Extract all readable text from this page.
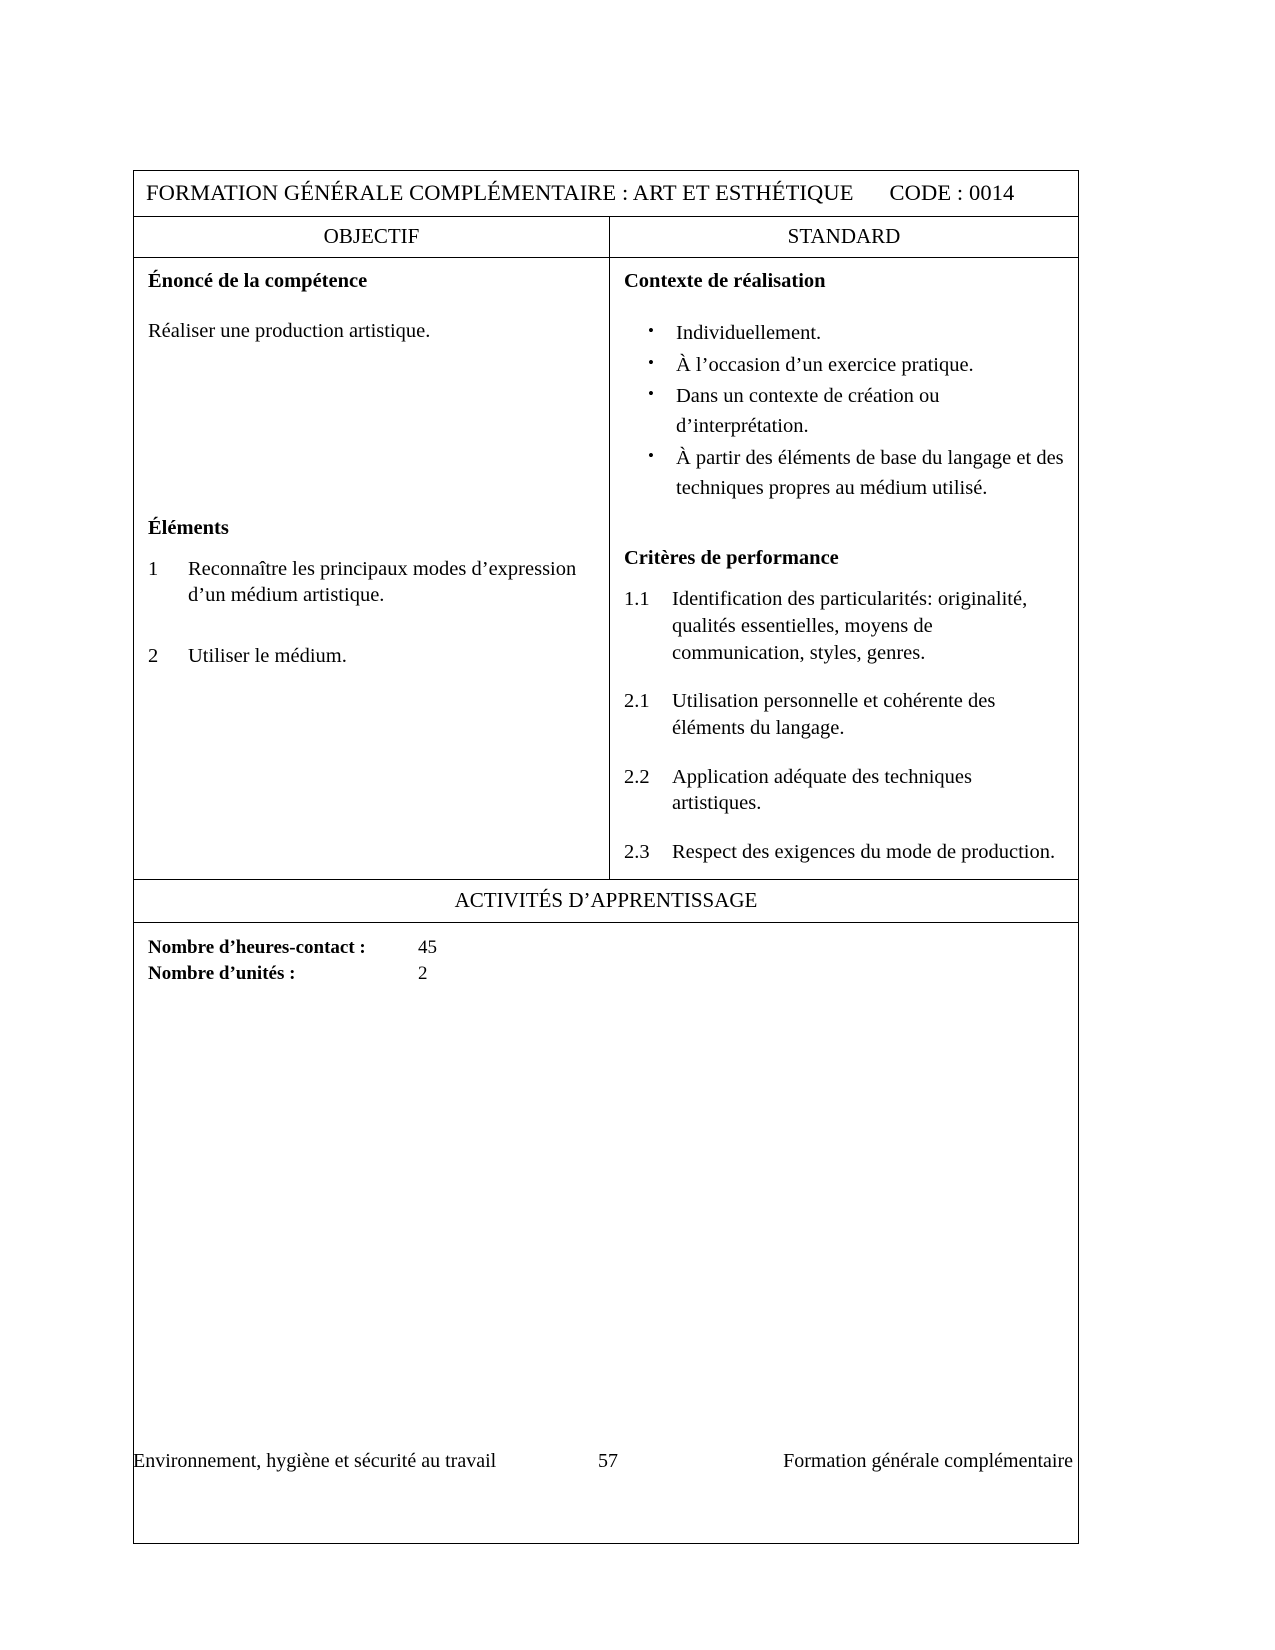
FORMATION GÉNÉRALE COMPLÉMENTAIRE : ART ET ESTHÉTIQUE CODE : 0014
OBJECTIF	STANDARD
Énoncé de la compétence
Réaliser une production artistique.
Éléments
1	Reconnaître les principaux modes d’expression d’un médium artistique.
2	Utiliser le médium.
Contexte de réalisation
• Individuellement.
• À l’occasion d’un exercice pratique.
• Dans un contexte de création ou d’interprétation.
• À partir des éléments de base du langage et des techniques propres au médium utilisé.
Critères de performance
1.1	Identification des particularités: originalité, qualités essentielles, moyens de communication, styles, genres.
2.1	Utilisation personnelle et cohérente des éléments du langage.
2.2	Application adéquate des techniques artistiques.
2.3	Respect des exigences du mode de production.
ACTIVITÉS D’APPRENTISSAGE
Nombre d’heures-contact :	45
Nombre d’unités :	2
Environnement, hygiène et sécurité au travail	57	Formation générale complémentaire
